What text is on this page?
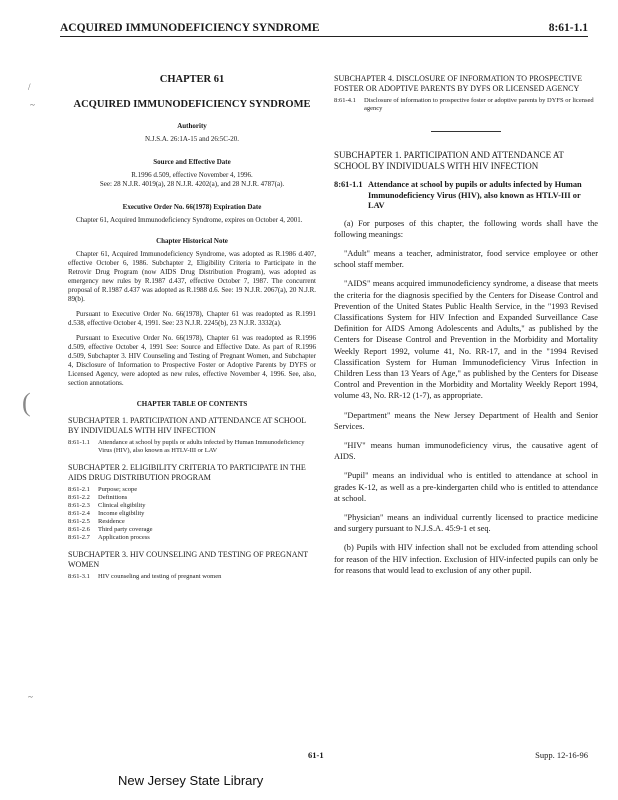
ACQUIRED IMMUNODEFICIENCY SYNDROME	8:61-1.1
/
~
(
~
CHAPTER 61
ACQUIRED IMMUNODEFICIENCY SYNDROME
Authority
N.J.S.A. 26:1A-15 and 26:5C-20.
Source and Effective Date
R.1996 d.509, effective November 4, 1996.
See: 28 N.J.R. 4019(a), 28 N.J.R. 4202(a), and 28 N.J.R. 4787(a).
Executive Order No. 66(1978) Expiration Date

Chapter 61, Acquired Immunodeficiency Syndrome, expires on October 4, 2001.

Chapter Historical Note

Chapter 61, Acquired Immunodeficiency Syndrome, was adopted as R.1986 d.407, effective October 6, 1986. Subchapter 2, Eligibility Criteria to Participate in the Retrovir Drug Program (now AIDS Drug Distribution Program), was adopted as emergency new rules by R.1987 d.437, effective October 7, 1987. The concurrent proposal of R.1987 d.437 was adopted as R.1988 d.6. See: 19 N.J.R. 2067(a), 20 N.J.R. 89(b).

Pursuant to Executive Order No. 66(1978), Chapter 61 was readopted as R.1991 d.538, effective October 4, 1991. See: 23 N.J.R. 2245(b), 23 N.J.R. 3332(a).

Pursuant to Executive Order No. 66(1978), Chapter 61 was readopted as R.1996 d.509, effective October 4, 1991 See: Source and Effective Date. As part of R.1996 d.509, Subchapter 3. HIV Counseling and Testing of Pregnant Women, and Subchapter 4, Disclosure of Information to Prospective Foster or Adoptive Parents by DYFS or Licensed Agency, were adopted as new rules, effective November 4, 1996. See, also, section annotations.

CHAPTER TABLE OF CONTENTS
SUBCHAPTER 1. PARTICIPATION AND ATTENDANCE AT SCHOOL BY INDIVIDUALS WITH HIV INFECTION
8:61-1.1	Attendance at school by pupils or adults infected by Human Immunodeficiency Virus (HIV), also known as HTLV-III or LAV
SUBCHAPTER 2. ELIGIBILITY CRITERIA TO PARTICIPATE IN THE AIDS DRUG DISTRIBUTION PROGRAM
8:61-2.1	Purpose; scope
8:61-2.2	Definitions
8:61-2.3	Clinical eligibility
8:61-2.4	Income eligibility
8:61-2.5	Residence
8:61-2.6	Third party coverage
8:61-2.7	Application process
SUBCHAPTER 3. HIV COUNSELING AND TESTING OF PREGNANT WOMEN
8:61-3.1	HIV counseling and testing of pregnant women
SUBCHAPTER 4. DISCLOSURE OF INFORMATION TO PROSPECTIVE FOSTER OR ADOPTIVE PARENTS BY DYFS OR LICENSED AGENCY
8:61-4.1	Disclosure of information to prospective foster or adoptive parents by DYFS or licensed agency
SUBCHAPTER 1. PARTICIPATION AND ATTENDANCE AT SCHOOL BY INDIVIDUALS WITH HIV INFECTION
8:61-1.1 Attendance at school by pupils or adults infected by Human Immunodeficiency Virus (HIV), also known as HTLV-III or LAV

(a) For purposes of this chapter, the following words shall have the following meanings:

"Adult" means a teacher, administrator, food service employee or other school staff member.

"AIDS" means acquired immunodeficiency syndrome, a disease that meets the criteria for the diagnosis specified by the Centers for Disease Control and Prevention of the United States Public Health Service, in the "1993 Revised Classifications System for HIV Infection and Expanded Surveillance Case Definition for AIDS Among Adolescents and Adults," as published by the Centers for Disease Control and Prevention in the Morbidity and Mortality Weekly Report 1992, volume 41, No. RR-17, and in the "1994 Revised Classification System for Human Immunodeficiency Virus Infection in Children Less than 13 Years of Age," as published by the Centers for Disease Control and Prevention in the Morbidity and Mortality Weekly Report 1994, volume 43, No. RR-12 (1-7), as appropriate.

"Department" means the New Jersey Department of Health and Senior Services.

"HIV" means human immunodeficiency virus, the causative agent of AIDS.

"Pupil" means an individual who is entitled to attendance at school in grades K-12, as well as a pre-kindergarten child who is entitled to attendance at school.

"Physician" means an individual currently licensed to practice medicine and surgery pursuant to N.J.S.A. 45:9-1 et seq.

(b) Pupils with HIV infection shall not be excluded from attending school for reason of the HIV infection. Exclusion of HIV-infected pupils can only be for reasons that would lead to exclusion of any other pupil.

61-1	Supp. 12-16-96
New Jersey State Library
